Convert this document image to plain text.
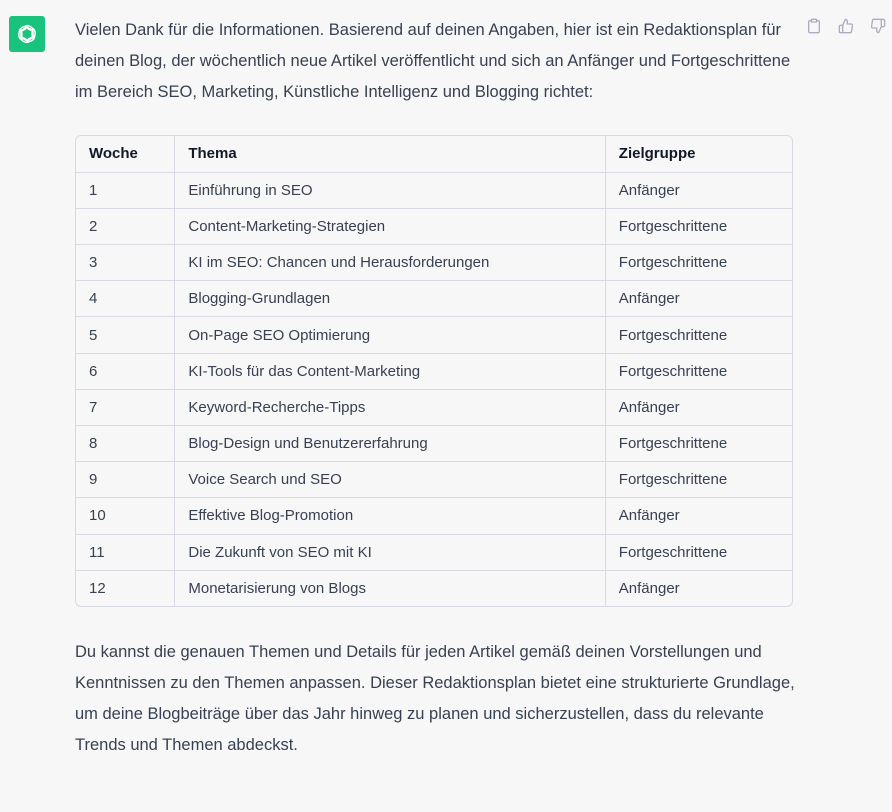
Vielen Dank für die Informationen. Basierend auf deinen Angaben, hier ist ein Redaktionsplan für deinen Blog, der wöchentlich neue Artikel veröffentlicht und sich an Anfänger und Fortgeschrittene im Bereich SEO, Marketing, Künstliche Intelligenz und Blogging richtet:

Woche	Thema	Zielgruppe
1	Einführung in SEO	Anfänger
2	Content-Marketing-Strategien	Fortgeschrittene
3	KI im SEO: Chancen und Herausforderungen	Fortgeschrittene
4	Blogging-Grundlagen	Anfänger
5	On-Page SEO Optimierung	Fortgeschrittene
6	KI-Tools für das Content-Marketing	Fortgeschrittene
7	Keyword-Recherche-Tipps	Anfänger
8	Blog-Design und Benutzererfahrung	Fortgeschrittene
9	Voice Search und SEO	Fortgeschrittene
10	Effektive Blog-Promotion	Anfänger
11	Die Zukunft von SEO mit KI	Fortgeschrittene
12	Monetarisierung von Blogs	Anfänger

Du kannst die genauen Themen und Details für jeden Artikel gemäß deinen Vorstellungen und Kenntnissen zu den Themen anpassen. Dieser Redaktionsplan bietet eine strukturierte Grundlage, um deine Blogbeiträge über das Jahr hinweg zu planen und sicherzustellen, dass du relevante Trends und Themen abdeckst.
